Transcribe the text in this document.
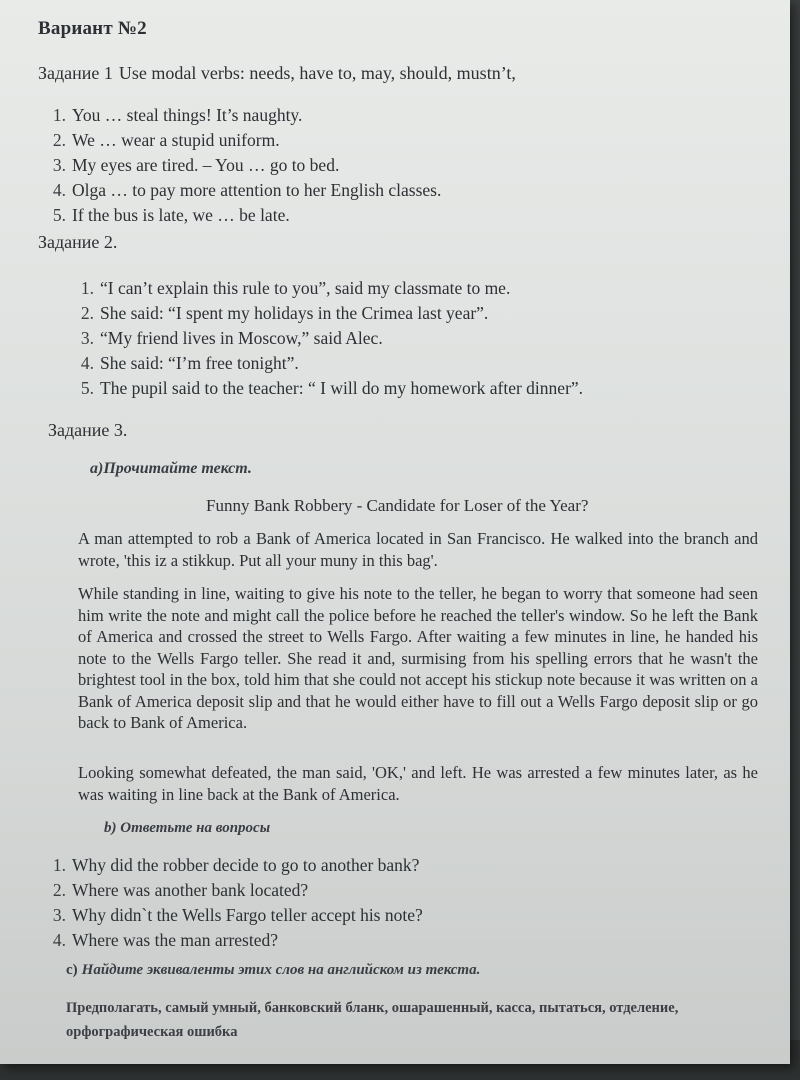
Вариант №2
Задание 1 Use modal verbs: needs, have to, may, should, mustn’t,
1. You … steal things! It’s naughty.
2. We … wear a stupid uniform.
3. My eyes are tired. – You … go to bed.
4. Olga … to pay more attention to her English classes.
5. If the bus is late, we … be late.
Задание 2.
1. “I can’t explain this rule to you”, said my classmate to me.
2. She said: “I spent my holidays in the Crimea last year”.
3. “My friend lives in Moscow,” said Alec.
4. She said: “I’m free tonight”.
5. The pupil said to the teacher: “ I will do my homework after dinner”.
Задание 3.
а)Прочитайте текст.
Funny Bank Robbery - Candidate for Loser of the Year?
A man attempted to rob a Bank of America located in San Francisco. He walked into the branch and wrote, 'this iz a stikkup. Put all your muny in this bag'.
While standing in line, waiting to give his note to the teller, he began to worry that someone had seen him write the note and might call the police before he reached the teller's window. So he left the Bank of America and crossed the street to Wells Fargo. After waiting a few minutes in line, he handed his note to the Wells Fargo teller. She read it and, surmising from his spelling errors that he wasn't the brightest tool in the box, told him that she could not accept his stickup note because it was written on a Bank of America deposit slip and that he would either have to fill out a Wells Fargo deposit slip or go back to Bank of America.
Looking somewhat defeated, the man said, 'OK,' and left. He was arrested a few minutes later, as he was waiting in line back at the Bank of America.
b) Ответьте на вопросы
1. Why did the robber decide to go to another bank?
2. Where was another bank located?
3. Why didn`t the Wells Fargo teller accept his note?
4. Where was the man arrested?
c) Найдите эквиваленты этих слов на английском из текста.
Предполагать, самый умный, банковский бланк, ошарашенный, касса, пытаться, отделение, орфографическая ошибка
